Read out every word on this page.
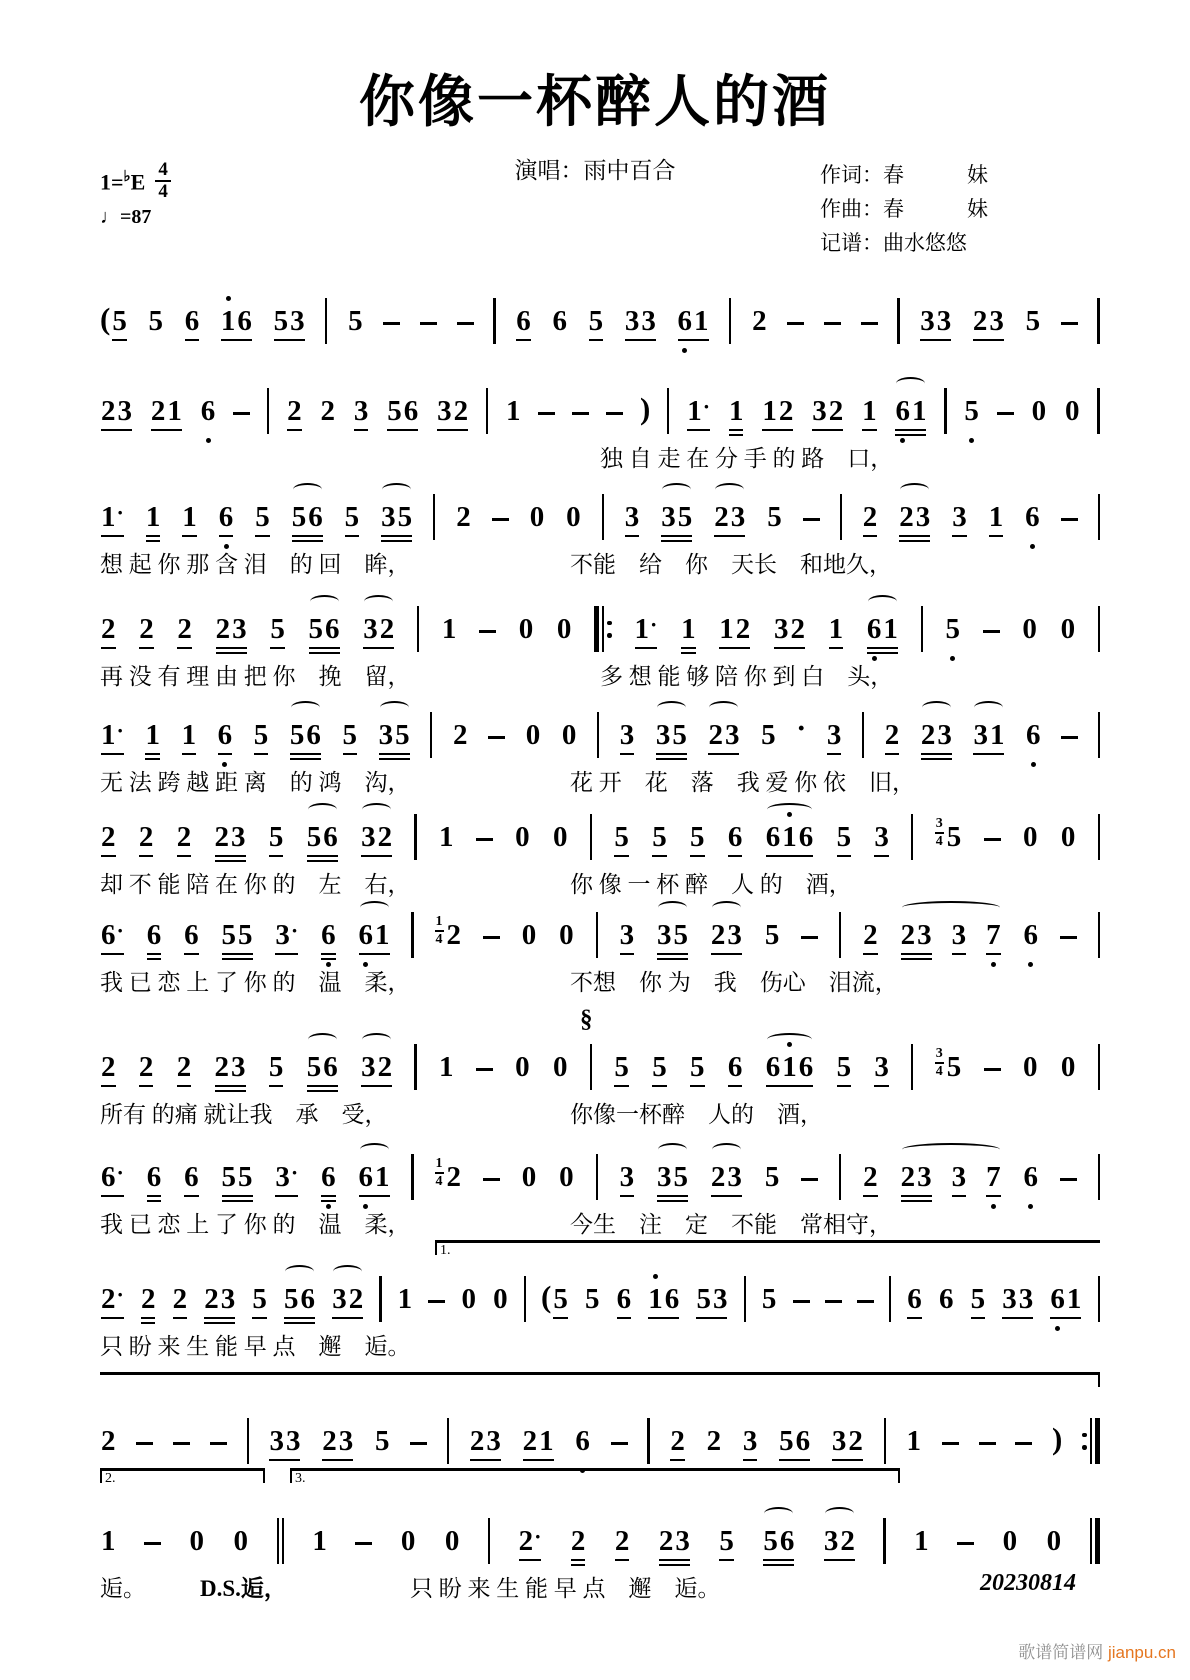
你像一杯醉人的酒
演唱：雨中百合
$1=^♭E \frac{4}{4}$
♩=87
作词： 春　　　妹
作曲： 春　　　妹
记谱： 曲水悠悠
( 5 5 6 1 6 5 3 5	6 6 5 3 3 6 1 2	3 3 2 3 5
2 3 2 1 6 2 2 3 5 6 3 2 1	) 1 · 1 1 2 3 2 1 6 1 5 0 0
独 自 走 在 分 手 的 路　口，
1 · 1 1 6 5 5 6 5 3 5 2 0 0 3 3 5 2 3 5	2 2 3 3 1 6
想 起 你 那 含 泪　的 回　眸，	不能　给　你　天长　和地久，
2 2 2 2 3 5 5 6 3 2 1 0 0 1 · 1 1 2 3 2 1 6 1 5 0 0
再 没 有 理 由 把 你　挽　留，	多 想 能 够 陪 你 到 白　头，
1 · 1 1 6 5 5 6 5 3 5 2 0 0 3 3 5 2 3 5 · 3 2 2 3 3 1 6
无 法 跨 越 距 离　的 鸿　沟，	花 开　花　落　我 爱 你 依　旧，
2 2 2 2 3 5 5 6 3 2 1 0 0 5 5 5 6 6 1 6 5 3	3
4 5 0 0
却 不 能 陪 在 你 的　左　右，	你 像 一 杯 醉　人 的　酒，
6 · 6 6 5 5 3 · 6 6 1	1
4 2 0 0 3 3 5 2 3 5	2 2 3 3 7 6
我 已 恋 上 了 你 的　温　柔，	不想　你 为　我　伤心　泪流，
§
2 2 2 2 3 5 5 6 3 2 1 0 0 5 5 5 6 6 1 6 5 3	3
4 5 0 0
所有 的痛 就让我　承　受，	你像一杯醉　人的　酒，
6 · 6 6 5 5 3 · 6 6 1	1
4 2 0 0 3 3 5 2 3 5	2 2 3 3 7 6
我 已 恋 上 了 你 的　温　柔，	今生　注　定　不能　常相守，
1.
2 · 2 2 2 3 5 5 6 3 2 1 0 0 ( 5 5 6 1 6 5 3 5	6 6 5 3 3 6 1
只 盼 来 生 能 早 点　邂　逅。
2	3 3 2 3 5	2 3 2 1 6	2 2 3 5 6 3 2 1	)
2.	3.
1	0 0 1	0 0 2 · 2 2 2 3 5 5 6 3 2 1	0 0
逅。 D.S.逅，	只 盼 来 生 能 早 点　邂　逅。	20230814
歌谱简谱网 jianpu.cn
